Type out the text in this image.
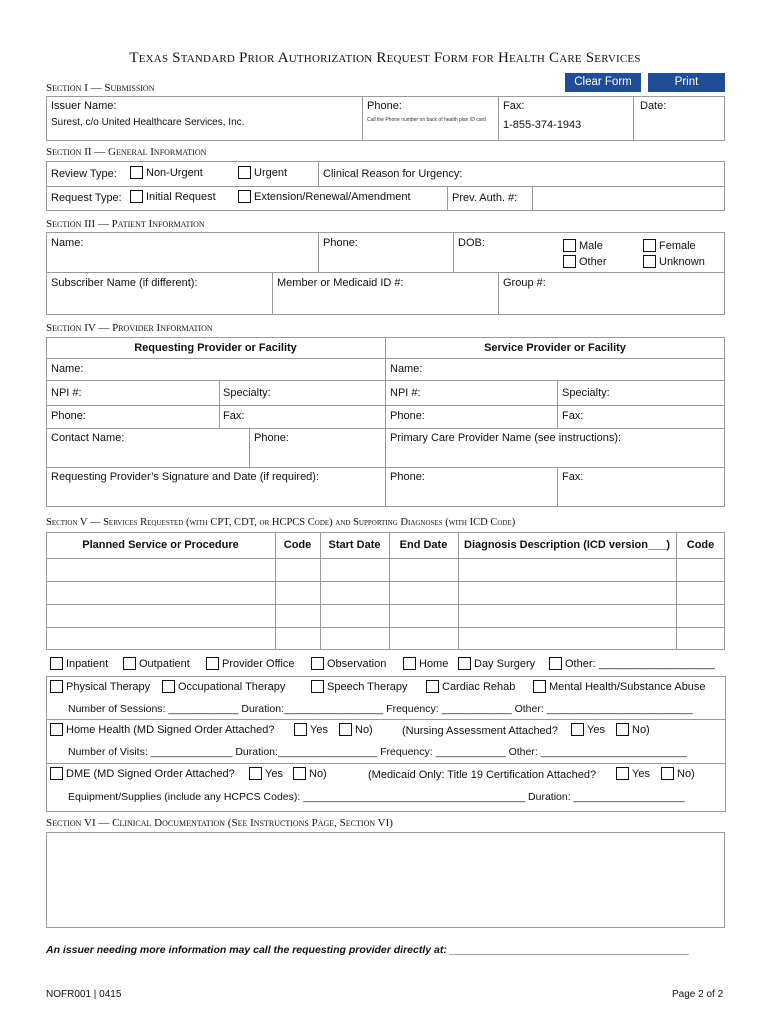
Texas Standard Prior Authorization Request Form for Health Care Services
Clear Form	Print
Section I — Submission
Issuer Name:
Surest, c/o United Healthcare Services, Inc.
Phone:
Call the Phone number on back of health plan ID card
Fax:
1-855-374-1943
Date:
Section II — General Information
Review Type:	Non-Urgent	Urgent	Clinical Reason for Urgency:
Request Type: Initial Request	Extension/Renewal/Amendment	Prev. Auth. #:
Section III — Patient Information
Name:	Phone:	DOB:	Male
Other
Female
Unknown
Subscriber Name (if different):	Member or Medicaid ID #:	Group #:
Section IV — Provider Information
Requesting Provider or Facility	Service Provider or Facility
Name:	Name:
NPI #:	Specialty:	NPI #:	Specialty:
Phone:	Fax:	Phone:	Fax:
Contact Name:	Phone:	Primary Care Provider Name (see instructions):
Requesting Provider’s Signature and Date (if required):	Phone:	Fax:
Section V — Services Requested (with CPT, CDT, or HCPCS Code) and Supporting Diagnoses (with ICD Code)
Planned Service or Procedure	Code	Start Date	End Date	Diagnosis Description (ICD version___)	Code
Inpatient	Outpatient	Provider Office	Observation	Home Day Surgery	Other: ___________________
Physical Therapy	Occupational Therapy	Speech Therapy	Cardiac Rehab	Mental Health/Substance Abuse
Number of Sessions: ____________ Duration:_________________ Frequency: ____________ Other: _________________________
Home Health (MD Signed Order Attached?	Yes No)	(Nursing Assessment Attached?	Yes No)
Number of Visits: ______________ Duration:_________________ Frequency: ____________ Other: _________________________
DME (MD Signed Order Attached?	Yes No)	(Medicaid Only: Title 19 Certification Attached?	Yes No)
Equipment/Supplies (include any HCPCS Codes): ______________________________________ Duration: ___________________
Section VI — Clinical Documentation (See Instructions Page, Section VI)
An issuer needing more information may call the requesting provider directly at: _________________________________________
NOFR001 | 0415	Page 2 of 2
